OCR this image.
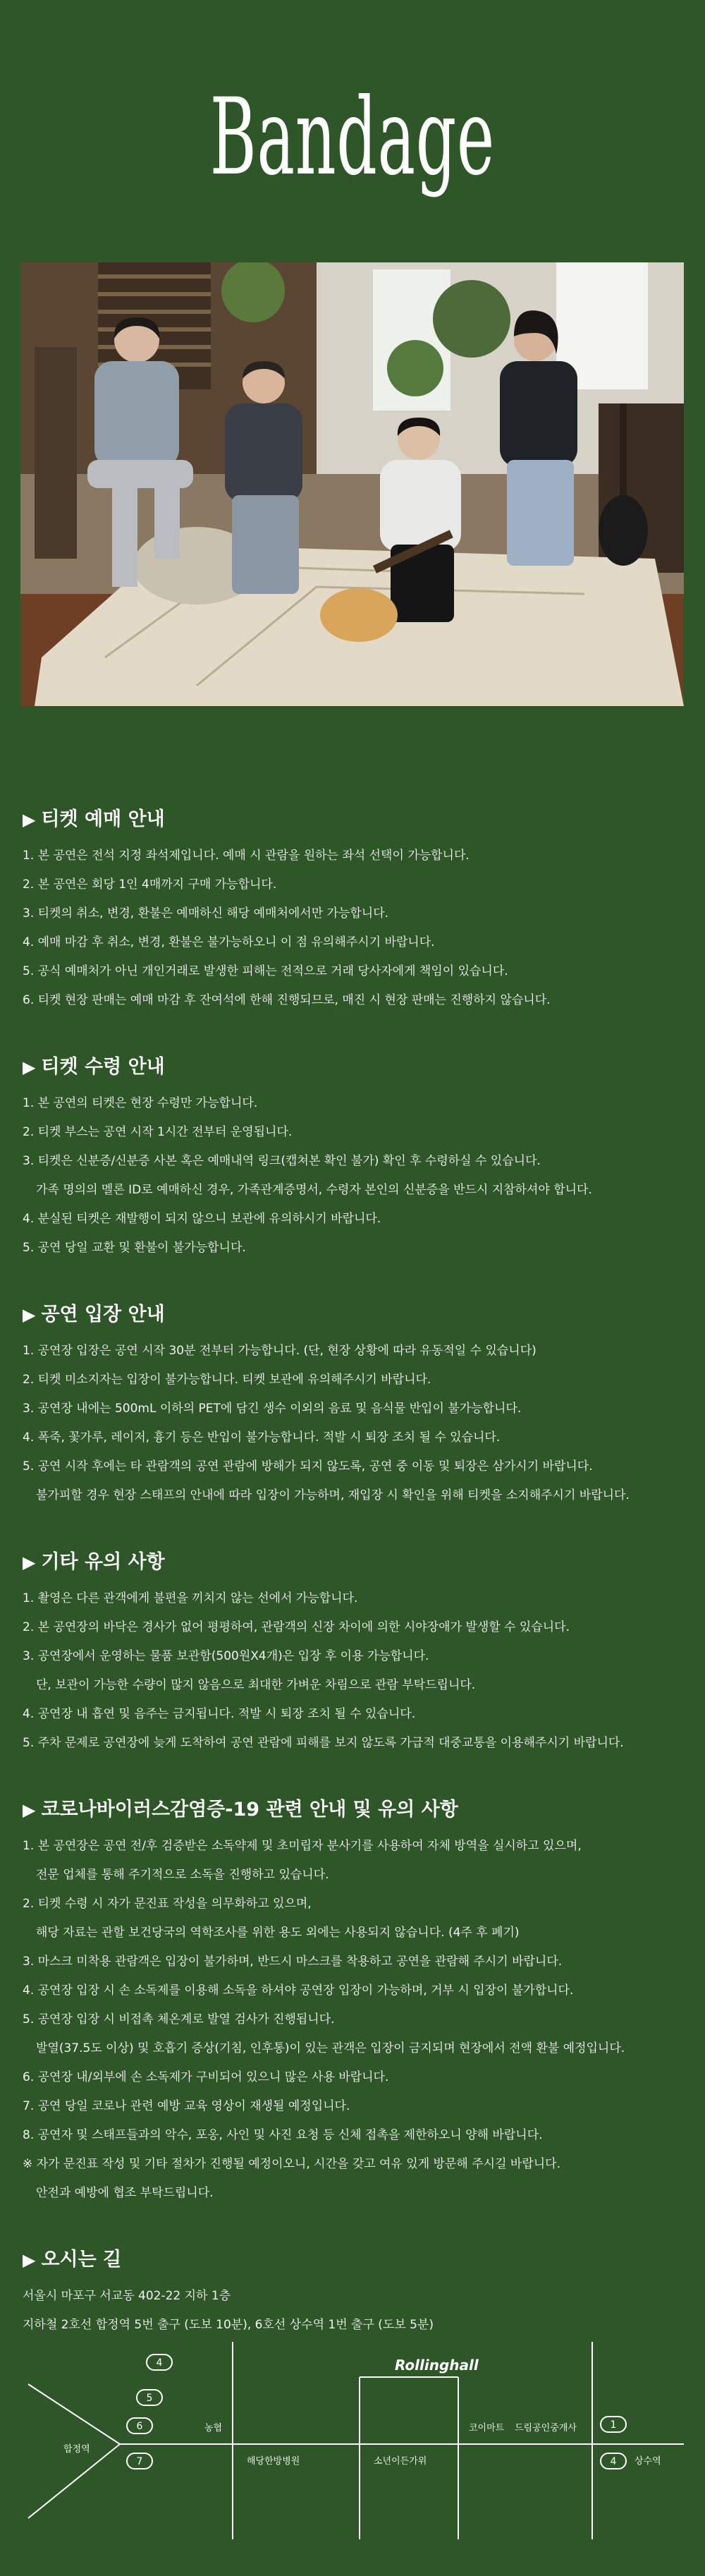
Bandage
▶ 티켓 예매 안내
1. 본 공연은 전석 지정 좌석제입니다. 예매 시 관람을 원하는 좌석 선택이 가능합니다.
2. 본 공연은 회당 1인 4매까지 구매 가능합니다.
3. 티켓의 취소, 변경, 환불은 예매하신 해당 예매처에서만 가능합니다.
4. 예매 마감 후 취소, 변경, 환불은 불가능하오니 이 점 유의해주시기 바랍니다.
5. 공식 예매처가 아닌 개인거래로 발생한 피해는 전적으로 거래 당사자에게 책임이 있습니다.
6. 티켓 현장 판매는 예매 마감 후 잔여석에 한해 진행되므로, 매진 시 현장 판매는 진행하지 않습니다.
▶ 티켓 수령 안내
1. 본 공연의 티켓은 현장 수령만 가능합니다.
2. 티켓 부스는 공연 시작 1시간 전부터 운영됩니다.
3. 티켓은 신분증/신분증 사본 혹은 예매내역 링크(캡쳐본 확인 불가) 확인 후 수령하실 수 있습니다.
가족 명의의 멜론 ID로 예매하신 경우, 가족관계증명서, 수령자 본인의 신분증을 반드시 지참하셔야 합니다.
4. 분실된 티켓은 재발행이 되지 않으니 보관에 유의하시기 바랍니다.
5. 공연 당일 교환 및 환불이 불가능합니다.
▶ 공연 입장 안내
1. 공연장 입장은 공연 시작 30분 전부터 가능합니다. (단, 현장 상황에 따라 유동적일 수 있습니다)
2. 티켓 미소지자는 입장이 불가능합니다. 티켓 보관에 유의해주시기 바랍니다.
3. 공연장 내에는 500mL 이하의 PET에 담긴 생수 이외의 음료 및 음식물 반입이 불가능합니다.
4. 폭죽, 꽃가루, 레이저, 흉기 등은 반입이 불가능합니다. 적발 시 퇴장 조치 될 수 있습니다.
5. 공연 시작 후에는 타 관람객의 공연 관람에 방해가 되지 않도록, 공연 중 이동 및 퇴장은 삼가시기 바랍니다.
불가피할 경우 현장 스태프의 안내에 따라 입장이 가능하며, 재입장 시 확인을 위해 티켓을 소지해주시기 바랍니다.
▶ 기타 유의 사항
1. 촬영은 다른 관객에게 불편을 끼치지 않는 선에서 가능합니다.
2. 본 공연장의 바닥은 경사가 없어 평평하여, 관람객의 신장 차이에 의한 시야장애가 발생할 수 있습니다.
3. 공연장에서 운영하는 물품 보관함(500원X4개)은 입장 후 이용 가능합니다.
단, 보관이 가능한 수량이 많지 않음으로 최대한 가벼운 차림으로 관람 부탁드립니다.
4. 공연장 내 흡연 및 음주는 금지됩니다. 적발 시 퇴장 조치 될 수 있습니다.
5. 주차 문제로 공연장에 늦게 도착하여 공연 관람에 피해를 보지 않도록 가급적 대중교통을 이용해주시기 바랍니다.
▶ 코로나바이러스감염증-19 관련 안내 및 유의 사항
1. 본 공연장은 공연 전/후 검증받은 소독약제 및 초미립자 분사기를 사용하여 자체 방역을 실시하고 있으며,
전문 업체를 통해 주기적으로 소독을 진행하고 있습니다.
2. 티켓 수령 시 자가 문진표 작성을 의무화하고 있으며,
해당 자료는 관할 보건당국의 역학조사를 위한 용도 외에는 사용되지 않습니다. (4주 후 폐기)
3. 마스크 미착용 관람객은 입장이 불가하며, 반드시 마스크를 착용하고 공연을 관람해 주시기 바랍니다.
4. 공연장 입장 시 손 소독제를 이용해 소독을 하셔야 공연장 입장이 가능하며, 거부 시 입장이 불가합니다.
5. 공연장 입장 시 비접촉 체온계로 발열 검사가 진행됩니다.
발열(37.5도 이상) 및 호흡기 증상(기침, 인후통)이 있는 관객은 입장이 금지되며 현장에서 전액 환불 예정입니다.
6. 공연장 내/외부에 손 소독제가 구비되어 있으니 많은 사용 바랍니다.
7. 공연 당일 코로나 관련 예방 교육 영상이 재생될 예정입니다.
8. 공연자 및 스태프들과의 악수, 포옹, 사인 및 사진 요청 등 신체 접촉을 제한하오니 양해 바랍니다.
※ 자가 문진표 작성 및 기타 절차가 진행될 예정이오니, 시간을 갖고 여유 있게 방문해 주시길 바랍니다.
안전과 예방에 협조 부탁드립니다.
▶ 오시는 길
서울시 마포구 서교동 402-22 지하 1층
지하철 2호선 합정역 5번 출구 (도보 10분), 6호선 상수역 1번 출구 (도보 5분)
Rollinghall
4
5
6
7
1
4
합정역
농협
해당한방병원	소년이든가위
코이마트 드림공인중개사
상수역
